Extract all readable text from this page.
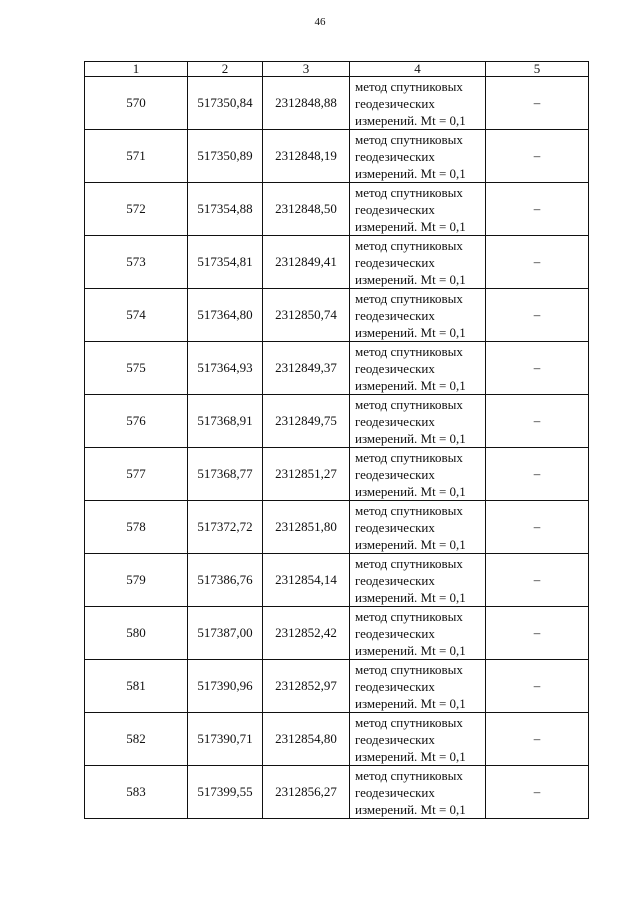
46
1	2	3	4	5
570	517350,84	2312848,88	метод спутниковых
геодезических
измерений. Mt = 0,1	–
571	517350,89	2312848,19	метод спутниковых
геодезических
измерений. Mt = 0,1	–
572	517354,88	2312848,50	метод спутниковых
геодезических
измерений. Mt = 0,1	–
573	517354,81	2312849,41	метод спутниковых
геодезических
измерений. Mt = 0,1	–
574	517364,80	2312850,74	метод спутниковых
геодезических
измерений. Mt = 0,1	–
575	517364,93	2312849,37	метод спутниковых
геодезических
измерений. Mt = 0,1	–
576	517368,91	2312849,75	метод спутниковых
геодезических
измерений. Mt = 0,1	–
577	517368,77	2312851,27	метод спутниковых
геодезических
измерений. Mt = 0,1	–
578	517372,72	2312851,80	метод спутниковых
геодезических
измерений. Mt = 0,1	–
579	517386,76	2312854,14	метод спутниковых
геодезических
измерений. Mt = 0,1	–
580	517387,00	2312852,42	метод спутниковых
геодезических
измерений. Mt = 0,1	–
581	517390,96	2312852,97	метод спутниковых
геодезических
измерений. Mt = 0,1	–
582	517390,71	2312854,80	метод спутниковых
геодезических
измерений. Mt = 0,1	–
583	517399,55	2312856,27	метод спутниковых
геодезических
измерений. Mt = 0,1	–
